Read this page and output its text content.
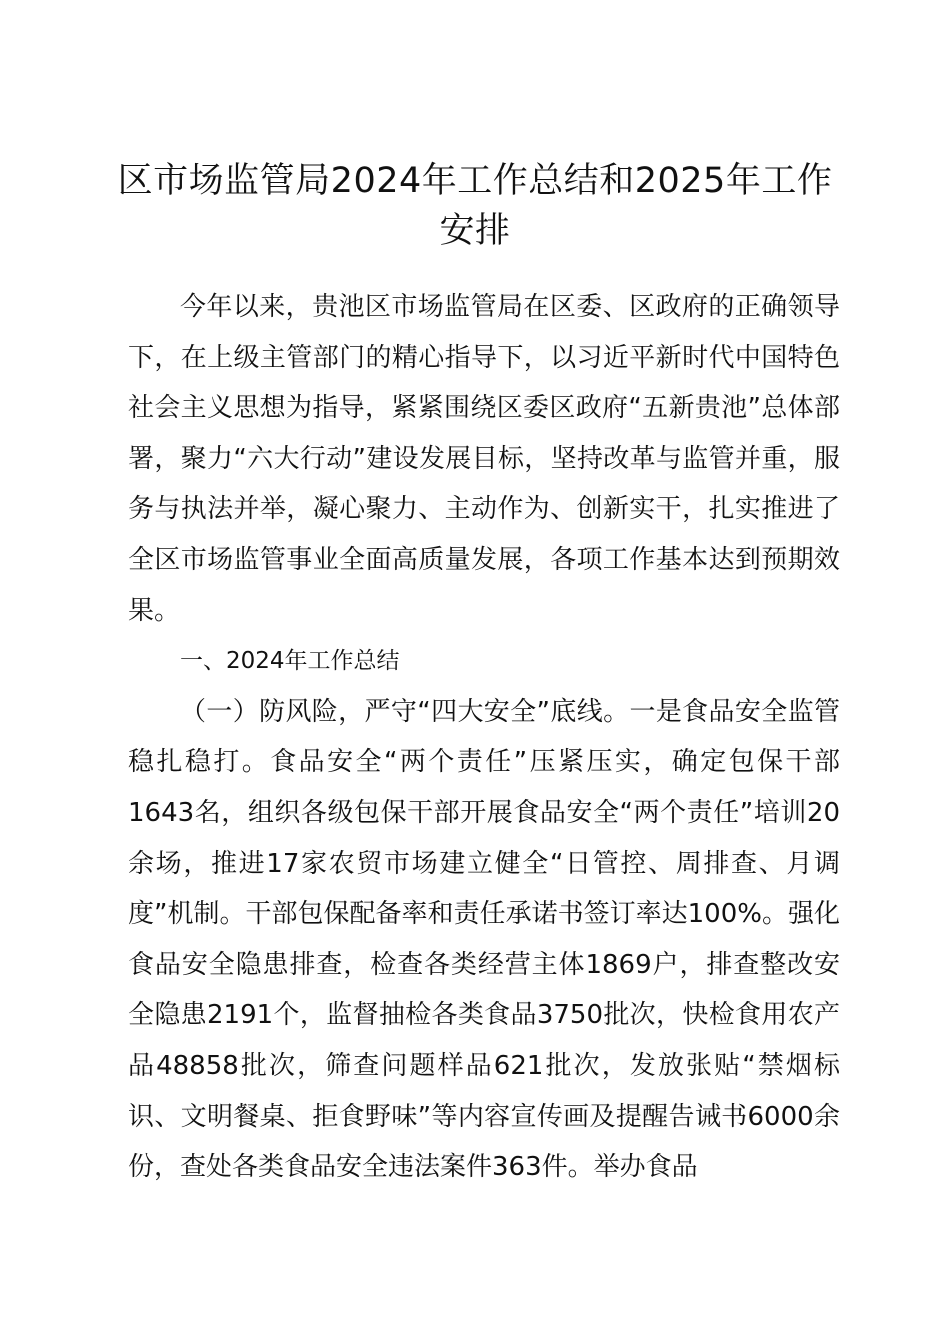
区市场监管局2024年工作总结和2025年工作安排

今年以来，贵池区市场监管局在区委、区政府的正确领导下，在上级主管部门的精心指导下，以习近平新时代中国特色社会主义思想为指导，紧紧围绕区委区政府“五新贵池”总体部署，聚力“六大行动”建设发展目标，坚持改革与监管并重，服务与执法并举，凝心聚力、主动作为、创新实干，扎实推进了全区市场监管事业全面高质量发展，各项工作基本达到预期效果。

一、2024年工作总结

（一）防风险，严守“四大安全”底线。一是食品安全监管稳扎稳打。食品安全“两个责任”压紧压实，确定包保干部1643名，组织各级包保干部开展食品安全“两个责任”培训20余场，推进17家农贸市场建立健全“日管控、周排查、月调度”机制。干部包保配备率和责任承诺书签订率达100%。强化食品安全隐患排查，检查各类经营主体1869户，排查整改安全隐患2191个，监督抽检各类食品3750批次，快检食用农产品48858批次，筛查问题样品621批次，发放张贴“禁烟标识、文明餐桌、拒食野味”等内容宣传画及提醒告诫书6000余份，查处各类食品安全违法案件363件。举办食品
